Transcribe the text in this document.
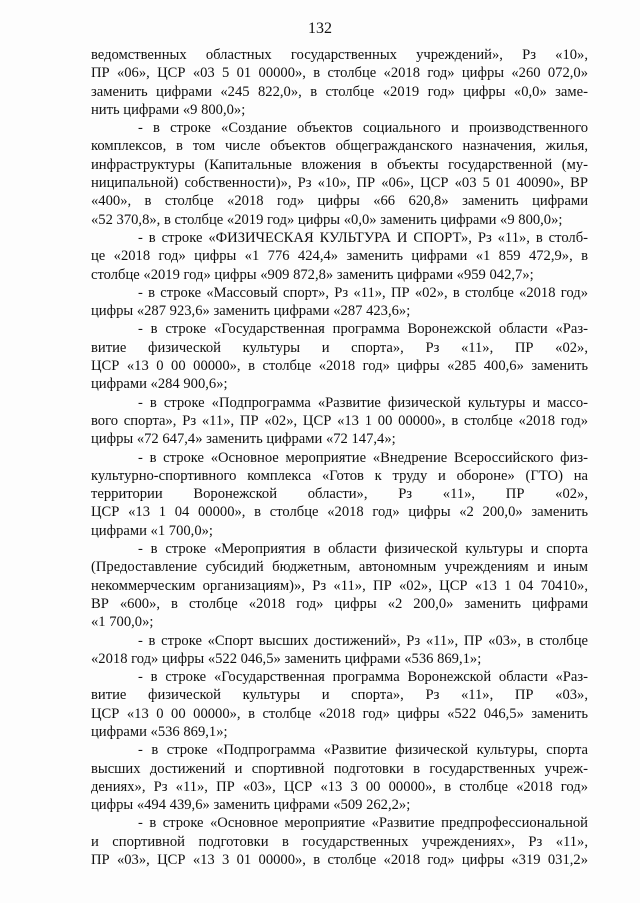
132
ведомственных областных государственных учреждений», Рз «10»,
ПР «06», ЦСР «03 5 01 00000», в столбце «2018 год» цифры «260 072,0»
заменить цифрами «245 822,0», в столбце «2019 год» цифры «0,0» заме-
нить цифрами «9 800,0»;
- в строке «Создание объектов социального и производственного
комплексов, в том числе объектов общегражданского назначения, жилья,
инфраструктуры (Капитальные вложения в объекты государственной (му-
ниципальной) собственности)», Рз «10», ПР «06», ЦСР «03 5 01 40090», ВР
«400», в столбце «2018 год» цифры «66 620,8» заменить цифрами
«52 370,8», в столбце «2019 год» цифры «0,0» заменить цифрами «9 800,0»;
- в строке «ФИЗИЧЕСКАЯ КУЛЬТУРА И СПОРТ», Рз «11», в столб-
це «2018 год» цифры «1 776 424,4» заменить цифрами «1 859 472,9», в
столбце «2019 год» цифры «909 872,8» заменить цифрами «959 042,7»;
- в строке «Массовый спорт», Рз «11», ПР «02», в столбце «2018 год»
цифры «287 923,6» заменить цифрами «287 423,6»;
- в строке «Государственная программа Воронежской области «Раз-
витие физической культуры и спорта», Рз «11», ПР «02»,
ЦСР «13 0 00 00000», в столбце «2018 год» цифры «285 400,6» заменить
цифрами «284 900,6»;
- в строке «Подпрограмма «Развитие физической культуры и массо-
вого спорта», Рз «11», ПР «02», ЦСР «13 1 00 00000», в столбце «2018 год»
цифры «72 647,4» заменить цифрами «72 147,4»;
- в строке «Основное мероприятие «Внедрение Всероссийского физ-
культурно-спортивного комплекса «Готов к труду и обороне» (ГТО) на
территории Воронежской области», Рз «11», ПР «02»,
ЦСР «13 1 04 00000», в столбце «2018 год» цифры «2 200,0» заменить
цифрами «1 700,0»;
- в строке «Мероприятия в области физической культуры и спорта
(Предоставление субсидий бюджетным, автономным учреждениям и иным
некоммерческим организациям)», Рз «11», ПР «02», ЦСР «13 1 04 70410»,
ВР «600», в столбце «2018 год» цифры «2 200,0» заменить цифрами
«1 700,0»;
- в строке «Спорт высших достижений», Рз «11», ПР «03», в столбце
«2018 год» цифры «522 046,5» заменить цифрами «536 869,1»;
- в строке «Государственная программа Воронежской области «Раз-
витие физической культуры и спорта», Рз «11», ПР «03»,
ЦСР «13 0 00 00000», в столбце «2018 год» цифры «522 046,5» заменить
цифрами «536 869,1»;
- в строке «Подпрограмма «Развитие физической культуры, спорта
высших достижений и спортивной подготовки в государственных учреж-
дениях», Рз «11», ПР «03», ЦСР «13 3 00 00000», в столбце «2018 год»
цифры «494 439,6» заменить цифрами «509 262,2»;
- в строке «Основное мероприятие «Развитие предпрофессиональной
и спортивной подготовки в государственных учреждениях», Рз «11»,
ПР «03», ЦСР «13 3 01 00000», в столбце «2018 год» цифры «319 031,2»
